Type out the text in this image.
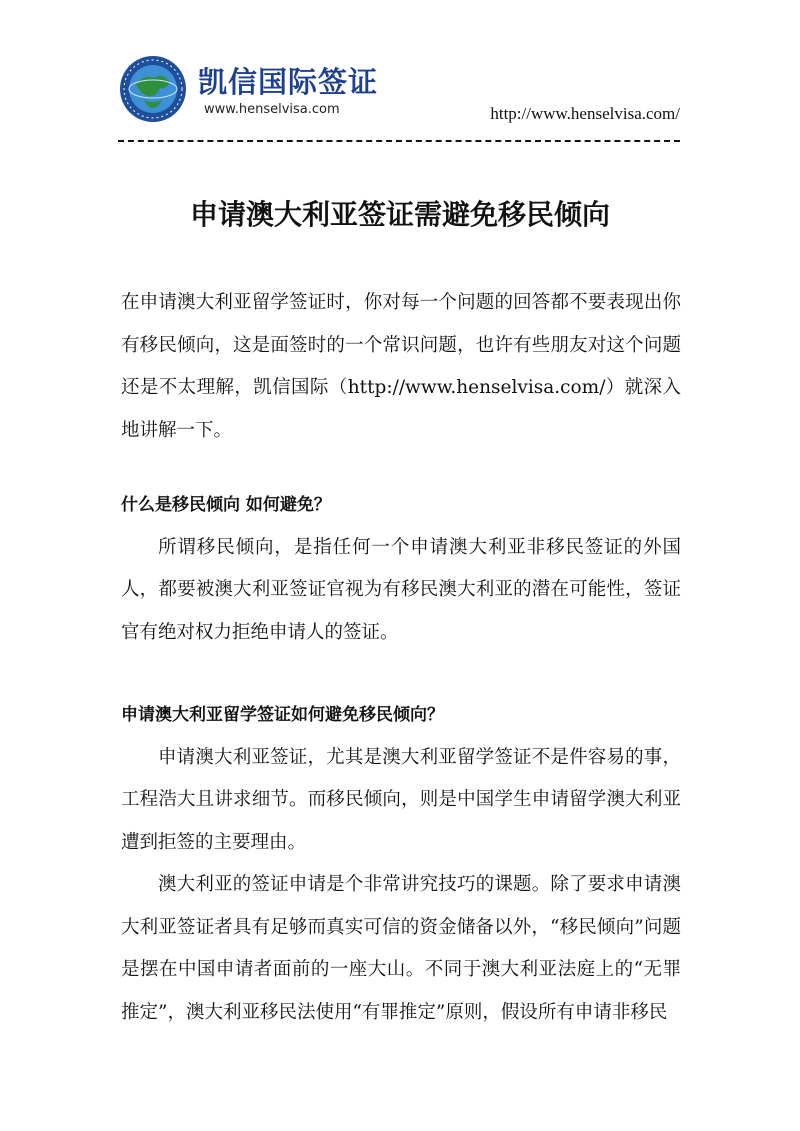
凯信国际签证
www.henselvisa.com	http://www.henselvisa.com/
申请澳大利亚签证需避免移民倾向

在申请澳大利亚留学签证时，你对每一个问题的回答都不要表现出你有移民倾向，这是面签时的一个常识问题，也许有些朋友对这个问题还是不太理解，凯信国际（http://www.henselvisa.com/）就深入地讲解一下。

什么是移民倾向 如何避免？

所谓移民倾向，是指任何一个申请澳大利亚非移民签证的外国人，都要被澳大利亚签证官视为有移民澳大利亚的潜在可能性，签证官有绝对权力拒绝申请人的签证。

申请澳大利亚留学签证如何避免移民倾向？

申请澳大利亚签证，尤其是澳大利亚留学签证不是件容易的事，工程浩大且讲求细节。而移民倾向，则是中国学生申请留学澳大利亚遭到拒签的主要理由。

澳大利亚的签证申请是个非常讲究技巧的课题。除了要求申请澳大利亚签证者具有足够而真实可信的资金储备以外，“移民倾向”问题是摆在中国申请者面前的一座大山。不同于澳大利亚法庭上的“无罪推定”，澳大利亚移民法使用“有罪推定”原则，假设所有申请非移民
